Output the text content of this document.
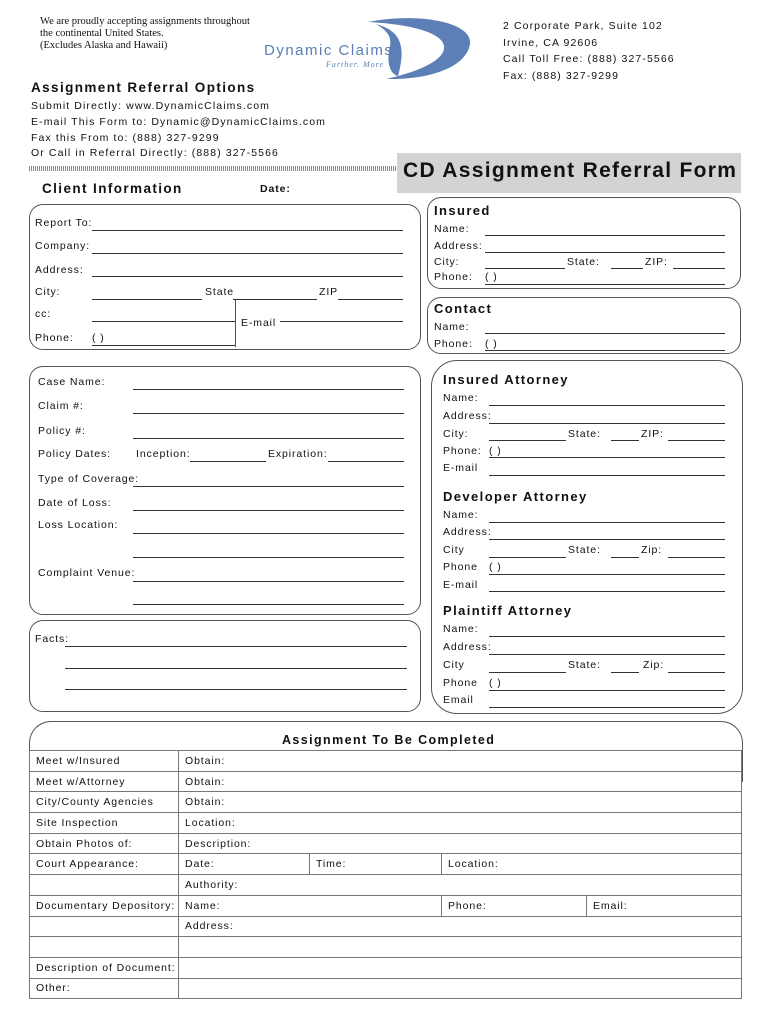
We are proudly accepting assignments throughout
the continental United States.
(Excludes Alaska and Hawaii)	Dynamic Claims
Further. More
2 Corporate Park, Suite 102
Irvine, CA 92606
Call Toll Free: (888) 327-5566
Fax: (888) 327-9299
Assignment Referral Options
Submit Directly: www.DynamicClaims.com
E-mail This Form to: Dynamic@DynamicClaims.com
Fax this From to: (888) 327-9299
Or Call in Referral Directly: (888) 327-5566
CD Assignment Referral Form
Client Information	Date:
Report To:
Company:
Address:
City:	State	ZIP
cc:
E-mail
Phone: ( )
Insured
Name:
Address:
City:	State:	ZIP:
Phone: ( )
Contact
Name:
Phone: ( )
Case Name:
Claim #:
Policy #:
Policy Dates: Inception:	Expiration:
Type of Coverage:
Date of Loss:
Loss Location:
Complaint Venue:
Insured Attorney
Name:
Address:
City:	State:	ZIP:
Phone: ( )
E-mail
Developer Attorney
Name:
Address:
City	State:	Zip:
Phone ( )
E-mail
Plaintiff Attorney
Name:
Address:
City	State:	Zip:
Phone ( )
Email
Facts:
Assignment To Be Completed
Meet w/Insured	Obtain:			
Meet w/Attorney	Obtain:			
City/County Agencies	Obtain:			
Site Inspection	Location:			
Obtain Photos of:	Description:			
Court Appearance:	Date:	Time:	Location:	
	Authority:			
Documentary Depository:	Name:		Phone:	Email:
	Address:			

Description of Document:				
Other:				
